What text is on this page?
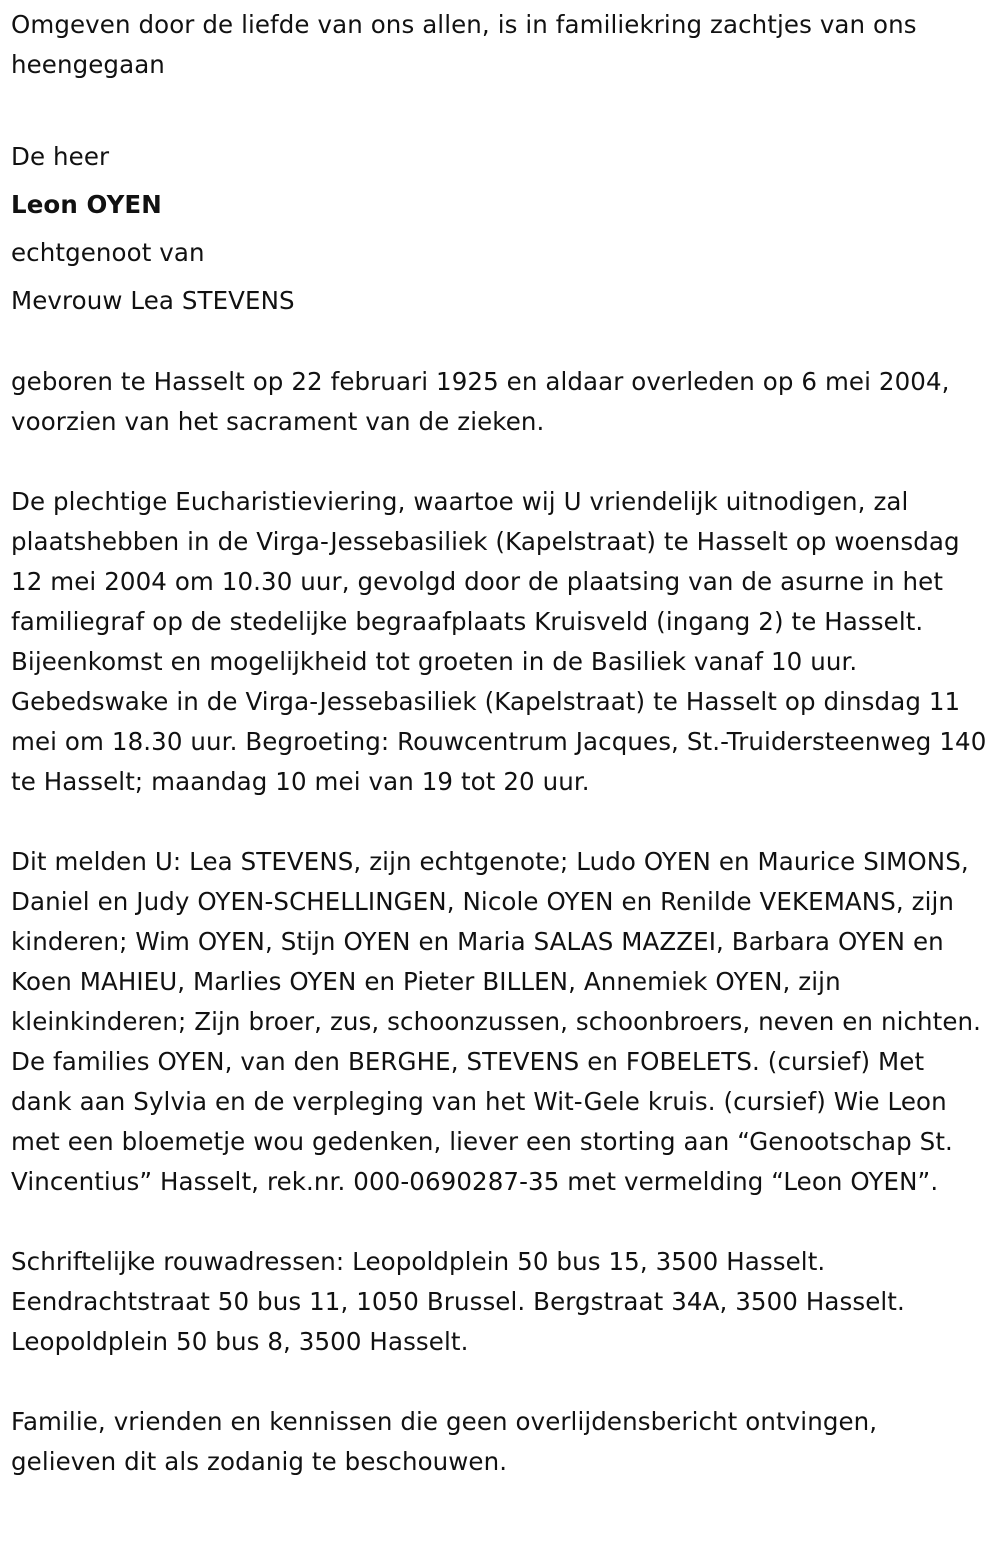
Omgeven door de liefde van ons allen, is in familiekring zachtjes van ons heengegaan

De heer

Leon OYEN

echtgenoot van

Mevrouw Lea STEVENS

geboren te Hasselt op 22 februari 1925 en aldaar overleden op 6 mei 2004, voorzien van het sacrament van de zieken.

De plechtige Eucharistieviering, waartoe wij U vriendelijk uitnodigen, zal plaatshebben in de Virga-Jessebasiliek (Kapelstraat) te Hasselt op woensdag 12 mei 2004 om 10.30 uur, gevolgd door de plaatsing van de asurne in het familiegraf op de stedelijke begraafplaats Kruisveld (ingang 2) te Hasselt. Bijeenkomst en mogelijkheid tot groeten in de Basiliek vanaf 10 uur. Gebedswake in de Virga-Jessebasiliek (Kapelstraat) te Hasselt op dinsdag 11 mei om 18.30 uur. Begroeting: Rouwcentrum Jacques, St.-Truidersteenweg 140 te Hasselt; maandag 10 mei van 19 tot 20 uur.

Dit melden U: Lea STEVENS, zijn echtgenote; Ludo OYEN en Maurice SIMONS, Daniel en Judy OYEN-SCHELLINGEN, Nicole OYEN en Renilde VEKEMANS, zijn kinderen; Wim OYEN, Stijn OYEN en Maria SALAS MAZZEI, Barbara OYEN en Koen MAHIEU, Marlies OYEN en Pieter BILLEN, Annemiek OYEN, zijn kleinkinderen; Zijn broer, zus, schoonzussen, schoonbroers, neven en nichten. De families OYEN, van den BERGHE, STEVENS en FOBELETS. (cursief) Met dank aan Sylvia en de verpleging van het Wit-Gele kruis. (cursief) Wie Leon met een bloemetje wou gedenken, liever een storting aan “Genootschap St. Vincentius” Hasselt, rek.nr. 000-0690287-35 met vermelding “Leon OYEN”.

Schriftelijke rouwadressen: Leopoldplein 50 bus 15, 3500 Hasselt. Eendrachtstraat 50 bus 11, 1050 Brussel. Bergstraat 34A, 3500 Hasselt. Leopoldplein 50 bus 8, 3500 Hasselt.

Familie, vrienden en kennissen die geen overlijdensbericht ontvingen, gelieven dit als zodanig te beschouwen.
